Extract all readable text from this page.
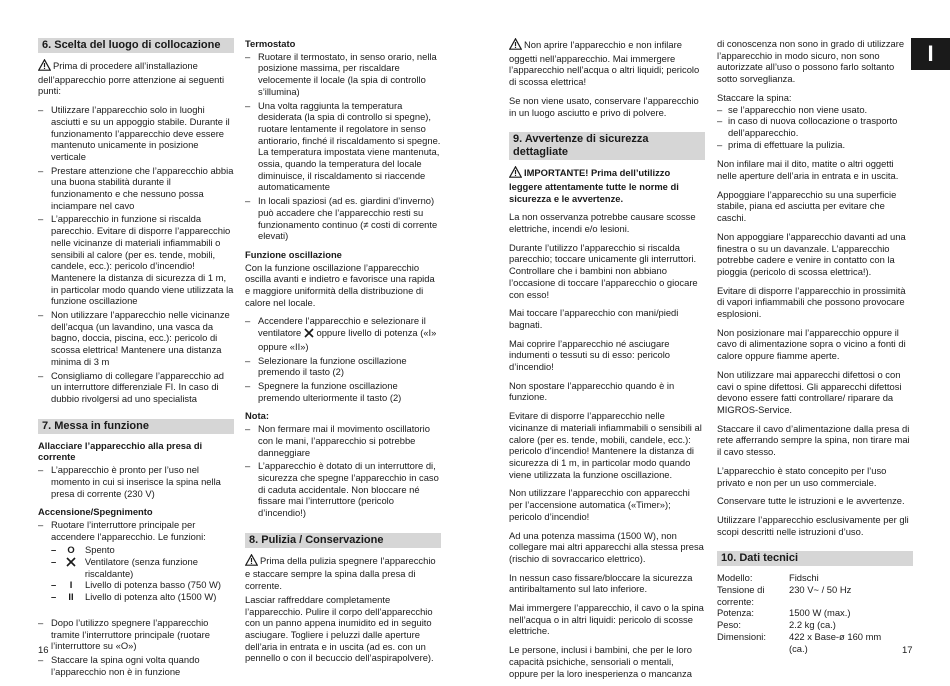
6. Scelta del luogo di collocazione

Prima di procedere all’installazione dell’apparecchio porre attenzione ai seguenti punti:

– Utilizzare l’apparecchio solo in luoghi asciutti e su un appoggio stabile. Durante il funzionamento l’apparecchio deve essere mantenuto unicamente in posizione verticale
– Prestare attenzione che l’apparecchio abbia una buona stabilità durante il funzionamento e che nessuno possa inciampare nel cavo
– L’apparecchio in funzione si riscalda parecchio. Evitare di disporre l’apparecchio nelle vicinanze di materiali infiammabili o sensibili al calore (per es. tende, mobili, candele, ecc.): pericolo d’incendio! Mantenere la distanza di sicurezza di 1 m, in particolar modo quando viene utilizzata la funzione oscillazione
– Non utilizzare l’apparecchio nelle vicinanze dell’acqua (un lavandino, una vasca da bagno, doccia, piscina, ecc.): pericolo di scossa elettrica! Mantenere una distanza minima di 3 m
– Consigliamo di collegare l’apparecchio ad un interruttore differenziale FI. In caso di dubbio rivolgersi ad uno specialista
7. Messa in funzione
Allacciare l’apparecchio alla presa di corrente
– L’apparecchio è pronto per l’uso nel momento in cui si inserisce la spina nella presa di corrente (230 V)
Accensione/Spegnimento
– Ruotare l’interruttore principale per accendere l’apparecchio. Le funzioni:
–	O	Spento
–	Ventilatore (senza funzione riscaldante)
–	I	Livello di potenza basso (750 W)
–	II	Livello di potenza alto (1500 W)
– Dopo l’utilizzo spegnere l’apparecchio tramite l’interruttore principale (ruotare l’interruttore su «O»)
– Staccare la spina ogni volta quando l’apparecchio non è in funzione
Termostato
– Ruotare il termostato, in senso orario, nella posizione massima, per riscaldare velocemente il locale (la spia di controllo s’illumina)
– Una volta raggiunta la temperatura desiderata (la spia di controllo si spegne), ruotare lentamente il regolatore in senso antiorario, finché il riscaldamento si spegne. La temperatura impostata viene mantenuta, ossia, quando la temperatura del locale diminuisce, il riscaldamento si riaccende automaticamente
– In locali spaziosi (ad es. giardini d’inverno) può accadere che l’apparecchio resti su funzionamento continuo (≠ costi di corrente elevati)
Funzione oscillazione

Con la funzione oscillazione l’apparecchio oscilla avanti e indietro e favorisce una rapida e maggiore uniformità della distribuzione di calore nel locale.

– Accendere l’apparecchio e selezionare il ventilatore oppure livello di potenza («I» oppure «II»)
– Selezionare la funzione oscillazione premendo il tasto (2)
– Spegnere la funzione oscillazione premendo ulteriormente il tasto (2)
Nota:
– Non fermare mai il movimento oscillatorio con le mani, l’apparecchio si potrebbe danneggiare
– L’apparecchio è dotato di un interruttore di, sicurezza che spegne l’apparecchio in caso di caduta accidentale. Non bloccare né fissare mai l’interruttore (pericolo d’incendio!)
8. Pulizia / Conservazione

Prima della pulizia spegnere l’apparecchio e staccare sempre la spina dalla presa di corrente.

Lasciar raffreddare completamente l’apparecchio. Pulire il corpo dell’apparecchio con un panno appena inumidito ed in seguito asciugare. Togliere i peluzzi dalle aperture dell’aria in entrata e in uscita (ad es. con un pennello o con il becuccio dell’aspirapolvere).

Non aprire l’apparecchio e non infilare oggetti nell’apparecchio. Mai immergere l’apparecchio nell’acqua o altri liquidi; pericolo di scossa elettrica!

Se non viene usato, conservare l’apparecchio in un luogo asciutto e privo di polvere.

9. Avvertenze di sicurezza dettagliate

IMPORTANTE! Prima dell’utilizzo leggere attentamente tutte le norme di sicurezza e le avvertenze.

La non osservanza potrebbe causare scosse elettriche, incendi e/o lesioni.

Durante l’utilizzo l’apparecchio si riscalda parecchio; toccare unicamente gli interruttori. Controllare che i bambini non abbiano l’occasione di toccare l’apparecchio o giocare con esso!

Mai toccare l’apparecchio con mani/piedi bagnati.

Mai coprire l’apparecchio né asciugare indumenti o tessuti su di esso: pericolo d’incendio!

Non spostare l’apparecchio quando è in funzione.

Evitare di disporre l’apparecchio nelle vicinanze di materiali infiammabili o sensibili al calore (per es. tende, mobili, candele, ecc.): pericolo d’incendio! Mantenere la distanza di sicurezza di 1 m, in particolar modo quando viene utilizzata la funzione oscillazione.

Non utilizzare l’apparecchio con apparecchi per l’accensione automatica («Timer»); pericolo d’incendio!

Ad una potenza massima (1500 W), non collegare mai altri apparecchi alla stessa presa (rischio di sovraccarico elettrico).

In nessun caso fissare/bloccare la sicurezza antiribaltamento sul lato inferiore.

Mai immergere l’apparecchio, il cavo o la spina nell’acqua o in altri liquidi: pericolo di scosse elettriche.

Le persone, inclusi i bambini, che per le loro capacità psichiche, sensoriali o mentali, oppure per la loro inesperienza o mancanza

di conoscenza non sono in grado di utilizzare l’apparecchio in modo sicuro, non sono autorizzate all’uso o possono farlo soltanto sotto sorveglianza.

Staccare la spina:
– se l’apparecchio non viene usato.
– in caso di nuova collocazione o trasporto dell’apparecchio.
– prima di effettuare la pulizia.

Non infilare mai il dito, matite o altri oggetti nelle aperture dell’aria in entrata e in uscita.

Appoggiare l’apparecchio su una superficie stabile, piana ed asciutta per evitare che caschi.

Non appoggiare l’apparecchio davanti ad una finestra o su un davanzale. L’apparecchio potrebbe cadere e venire in contatto con la pioggia (pericolo di scossa elettrica!).

Evitare di disporre l’apparecchio in prossimità di vapori infiammabili che possono provocare esplosioni.

Non posizionare mai l’apparecchio oppure il cavo di alimentazione sopra o vicino a fonti di calore oppure fiamme aperte.

Non utilizzare mai apparecchi difettosi o con cavi o spine difettosi. Gli apparecchi difettosi devono essere fatti controllare/ riparare da MIGROS-Service.

Staccare il cavo d’alimentazione dalla presa di rete afferrando sempre la spina, non tirare mai il cavo stesso.

L’apparecchio è stato concepito per l’uso privato e non per un uso commerciale.

Conservare tutte le istruzioni e le avvertenze.

Utilizzare l’apparecchio esclusivamente per gli scopi descritti nelle istruzioni d’uso.

10. Dati tecnici
Modello:	Fidschi
Tensione di corrente:	230 V~ / 50 Hz
Potenza:	1500 W (max.)
Peso:	2.2 kg (ca.)
Dimensioni:	422 x Base-ø 160 mm (ca.)
I
16	17
